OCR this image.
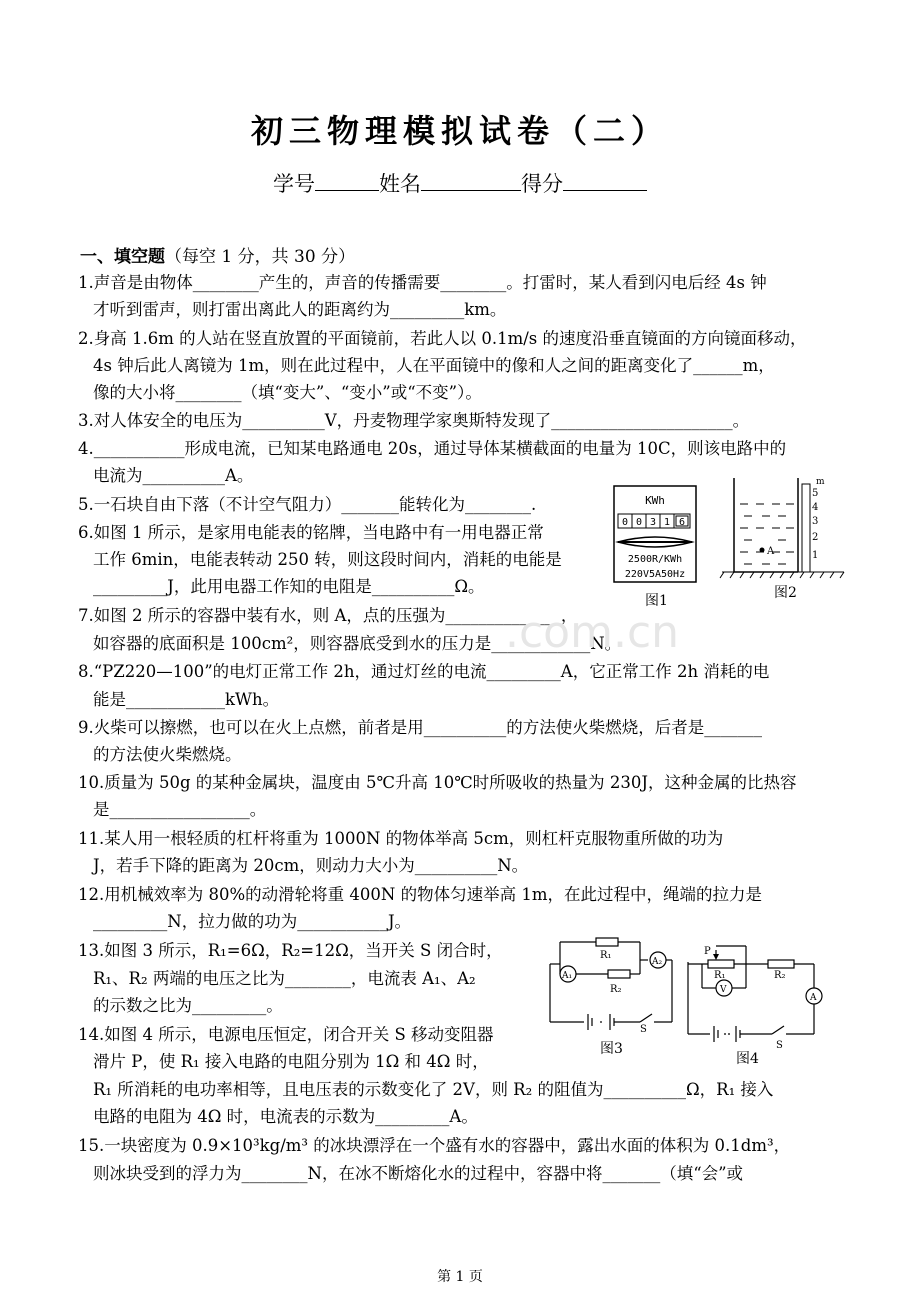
初三物理模拟试卷（二）
学号	姓名	得分
一、填空题（每空 1 分，共 30 分）
1.声音是由物体________产生的，声音的传播需要________。打雷时，某人看到闪电后经 4s 钟
才听到雷声，则打雷出离此人的距离约为_________km。
2.身高 1.6m 的人站在竖直放置的平面镜前，若此人以 0.1m/s 的速度沿垂直镜面的方向镜面移动，
4s 钟后此人离镜为 1m，则在此过程中，人在平面镜中的像和人之间的距离变化了______m，
像的大小将________（填“变大”、“变小”或“不变”）。
3.对人体安全的电压为__________V，丹麦物理学家奥斯特发现了______________________。
4.___________形成电流，已知某电路通电 20s，通过导体某横截面的电量为 10C，则该电路中的
电流为__________A。
5.一石块自由下落（不计空气阻力）_______能转化为________.
6.如图 1 所示，是家用电能表的铭牌，当电路中有一用电器正常
工作 6min，电能表转动 250 转，则这段时间内，消耗的电能是
_________J，此用电器工作知的电阻是__________Ω。
7.如图 2 所示的容器中装有水，则 A，点的压强为______________，
如容器的底面积是 100cm²，则容器底受到水的压力是____________N。
8.“PZ220—100”的电灯正常工作 2h，通过灯丝的电流_________A，它正常工作 2h 消耗的电
能是____________kWh。
9.火柴可以擦燃，也可以在火上点燃，前者是用__________的方法使火柴燃烧，后者是_______
的方法使火柴燃烧。
10.质量为 50g 的某种金属块，温度由 5℃升高 10℃时所吸收的热量为 230J，这种金属的比热容
是_________________。
11.某人用一根轻质的杠杆将重为 1000N 的物体举高 5cm，则杠杆克服物重所做的功为
J，若手下降的距离为 20cm，则动力大小为__________N。
12.用机械效率为 80%的动滑轮将重 400N 的物体匀速举高 1m，在此过程中，绳端的拉力是
_________N，拉力做的功为___________J。
13.如图 3 所示，R₁=6Ω，R₂=12Ω，当开关 S 闭合时，
R₁、R₂ 两端的电压之比为________，电流表 A₁、A₂
的示数之比为_________。
14.如图 4 所示，电源电压恒定，闭合开关 S 移动变阻器
滑片 P，使 R₁ 接入电路的电阻分别为 1Ω 和 4Ω 时，
R₁ 所消耗的电功率相等，且电压表的示数变化了 2V，则 R₂ 的阻值为__________Ω，R₁ 接入
电路的电阻为 4Ω 时，电流表的示数为_________A。
15.一块密度为 0.9×10³kg/m³ 的冰块漂浮在一个盛有水的容器中，露出水面的体积为 0.1dm³，
则冰块受到的浮力为________N，在冰不断熔化水的过程中，容器中将_______（填“会”或
KWh
0 0 3 1 6
2500R/KWh
220V5A50Hz
图1
A
m
5
4
3
2
1
图2
R₁
R₂
A₁
A₂
S
图3
P
R₁	R₂
V
A
S
图4
.com.cn
第 1 页
